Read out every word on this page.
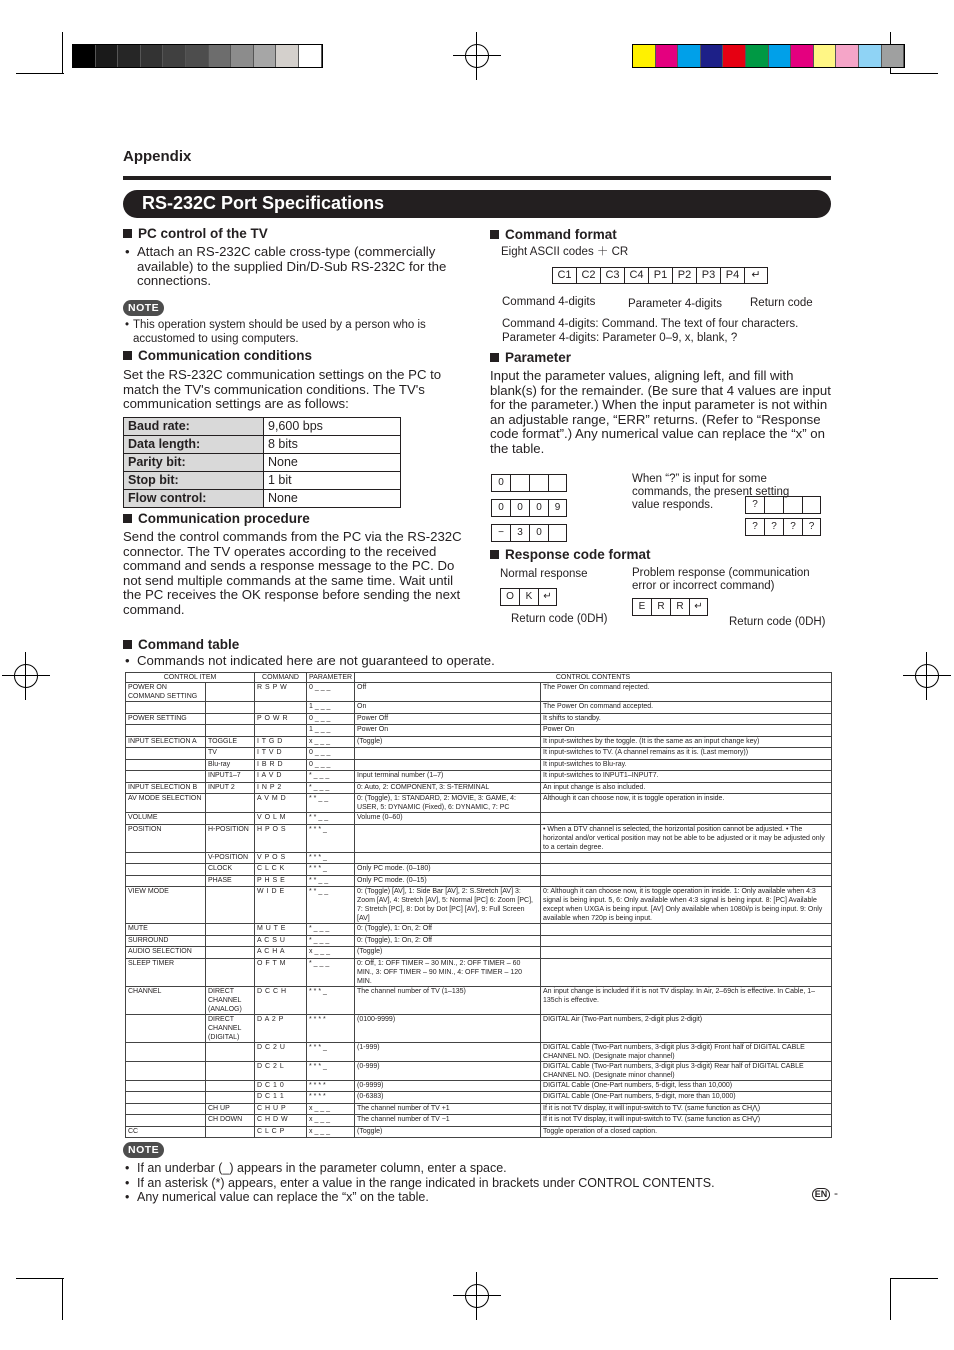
Appendix
RS-232C Port Specifications
PC control of the TV
• Attach an RS-232C cable cross-type (commercially available) to the supplied Din/D-Sub RS-232C for the connections.
NOTE
• This operation system should be used by a person who is accustomed to using computers.
Communication conditions
Set the RS-232C communication settings on the PC to match the TV's communication conditions. The TV's communication settings are as follows:
Baud rate:	9,600 bps
Data length:	8 bits
Parity bit:	None
Stop bit:	1 bit
Flow control:	None
Communication procedure
Send the control commands from the PC via the RS-232C connector. The TV operates according to the received command and sends a response message to the PC. Do not send multiple commands at the same time. Wait until the PC receives the OK response before sending the next command.
Command format
Eight ASCII codes ＋ CR
C1 C2 C3 C4 P1 P2 P3 P4	↵
Command 4-digits	Parameter 4-digits Return code
Command 4-digits: Command. The text of four characters.
Parameter 4-digits: Parameter 0–9, x, blank, ?
Parameter
Input the parameter values, aligning left, and fill with blank(s) for the remainder. (Be sure that 4 values are input for the parameter.) When the input parameter is not within an adjustable range, “ERR” returns. (Refer to “Response code format”.) Any numerical value can replace the “x” on the table.
0
0	0	0	9
−	3	0
When “?” is input for some commands, the present setting value responds.	?
?	?	?	?
Response code format
Normal response
O	K	↵
Return code (0DH)
Problem response (communication error or incorrect command)
E	R	R	↵
Return code (0DH)
Command table
• Commands not indicated here are not guaranteed to operate.
CONTROL ITEM		COMMAND	PARAMETER	CONTROL CONTENTS	
POWER ON COMMAND SETTING		R S P W	0 _ _ _	Off	The Power On command rejected.
			1 _ _ _	On	The Power On command accepted.
POWER SETTING		P O W R	0 _ _ _	Power Off	It shifts to standby.
			1 _ _ _	Power On	Power On
INPUT SELECTION A	TOGGLE	I T G D	x _ _ _	(Toggle)	It input-switches by the toggle. (It is the same as an input change key)
	TV	I T V D	0 _ _ _		It input-switches to TV. (A channel remains as it is. (Last memory))
	Blu-ray	I B R D	0 _ _ _		It input-switches to Blu-ray.
	INPUT1–7	I A V D	* _ _ _	Input terminal number (1–7)	It input-switches to INPUT1–INPUT7.
INPUT SELECTION B	INPUT 2	I N P 2	* _ _ _	0: Auto, 2: COMPONENT, 3: S-TERMINAL	An input change is also included.
AV MODE SELECTION		A V M D	* * _ _	0: (Toggle), 1: STANDARD, 2: MOVIE, 3: GAME, 4: USER, 5: DYNAMIC (Fixed), 6: DYNAMIC, 7: PC	Although it can choose now, it is toggle operation in inside.
VOLUME		V O L M	* * _ _	Volume (0–60)	
POSITION	H-POSITION	H P O S	* * * _		• When a DTV channel is selected, the horizontal position cannot be adjusted. • The horizontal and/or vertical position may not be able to be adjusted or it may be adjusted only to a certain degree.
	V-POSITION	V P O S	* * * _		
	CLOCK	C L C K	* * * _	Only PC mode. (0–180)	
	PHASE	P H S E	* * _ _	Only PC mode. (0–15)	
VIEW MODE		W I D E	* * _ _	0: (Toggle) [AV], 1: Side Bar [AV], 2: S.Stretch [AV] 3: Zoom [AV], 4: Stretch [AV], 5: Normal [PC] 6: Zoom [PC], 7: Stretch [PC], 8: Dot by Dot [PC] [AV], 9: Full Screen [AV]	0: Although it can choose now, it is toggle operation in inside. 1: Only available when 4:3 signal is being input. 5, 6: Only available when 4:3 signal is being input. 8: [PC] Available except when UXGA is being input. [AV] Only available when 1080i/p is being input. 9: Only available when 720p is being input.
MUTE		M U T E	* _ _ _	0: (Toggle), 1: On, 2: Off	
SURROUND		A C S U	* _ _ _	0: (Toggle), 1: On, 2: Off	
AUDIO SELECTION		A C H A	x _ _ _	(Toggle)	
SLEEP TIMER		O F T M	* _ _ _	0: Off, 1: OFF TIMER – 30 MIN., 2: OFF TIMER – 60 MIN., 3: OFF TIMER – 90 MIN., 4: OFF TIMER – 120 MIN.	
CHANNEL	DIRECT CHANNEL (ANALOG)	D C C H	* * * _	The channel number of TV (1–135)	An input change is included if it is not TV display. In Air, 2–69ch is effective. In Cable, 1–135ch is effective.
	DIRECT CHANNEL (DIGITAL)	D A 2 P	* * * *	(0100-9999)	DIGITAL Air (Two-Part numbers, 2-digit plus 2-digit)
		D C 2 U	* * * _	(1-999)	DIGITAL Cable (Two-Part numbers, 3-digit plus 3-digit) Front half of DIGITAL CABLE CHANNEL NO. (Designate major channel)
		D C 2 L	* * * _	(0-999)	DIGITAL Cable (Two-Part numbers, 3-digit plus 3-digit) Rear half of DIGITAL CABLE CHANNEL NO. (Designate minor channel)
		D C 1 0	* * * *	(0-9999)	DIGITAL Cable (One-Part numbers, 5-digit, less than 10,000)
		D C 1 1	* * * *	(0-6383)	DIGITAL Cable (One-Part numbers, 5-digit, more than 10,000)
	CH UP	C H U P	x _ _ _	The channel number of TV +1	If it is not TV display, it will input-switch to TV. (same function as CH⋀)
	CH DOWN	C H D W	x _ _ _	The channel number of TV −1	If it is not TV display, it will input-switch to TV. (same function as CH⋁)
CC		C L C P	x _ _ _	(Toggle)	Toggle operation of a closed caption.
NOTE
• If an underbar (_) appears in the parameter column, enter a space.
• If an asterisk (*) appears, enter a value in the range indicated in brackets under CONTROL CONTENTS.
• Any numerical value can replace the “x” on the table.	EN -
